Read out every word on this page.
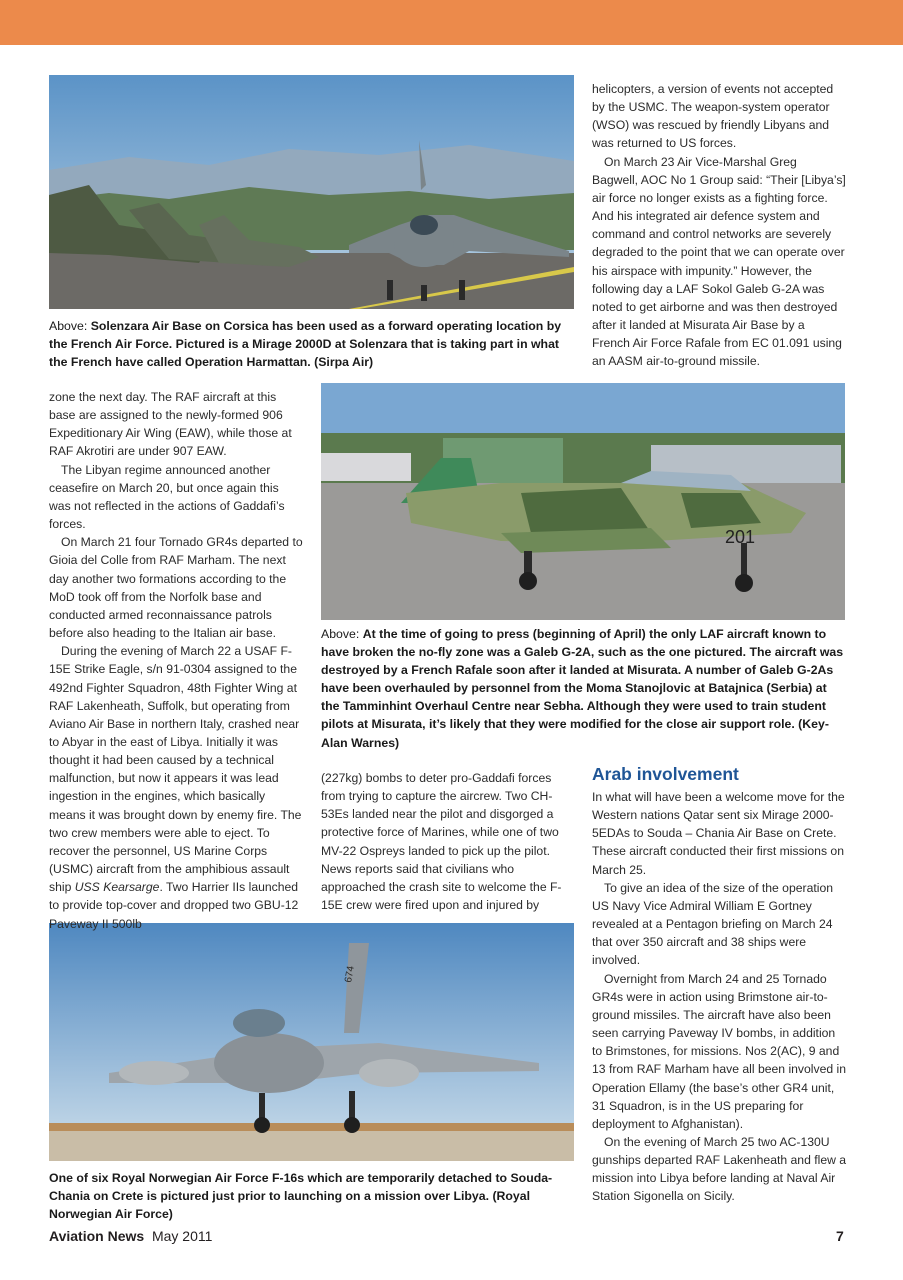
201
674
Above: Solenzara Air Base on Corsica has been used as a forward operating location by the French Air Force. Pictured is a Mirage 2000D at Solenzara that is taking part in what the French have called Operation Harmattan. (Sirpa Air)

helicopters, a version of events not accepted by the USMC. The weapon-system operator (WSO) was rescued by friendly Libyans and was returned to US forces.

On March 23 Air Vice-Marshal Greg Bagwell, AOC No 1 Group said: “Their [Libya’s] air force no longer exists as a fighting force. And his integrated air defence system and command and control networks are severely degraded to the point that we can operate over his airspace with impunity.” However, the following day a LAF Sokol Galeb G-2A was noted to get airborne and was then destroyed after it landed at Misurata Air Base by a French Air Force Rafale from EC 01.091 using an AASM air-to-ground missile.

zone the next day. The RAF aircraft at this base are assigned to the newly-formed 906 Expeditionary Air Wing (EAW), while those at RAF Akrotiri are under 907 EAW.

The Libyan regime announced another ceasefire on March 20, but once again this was not reflected in the actions of Gaddafi’s forces.

On March 21 four Tornado GR4s departed to Gioia del Colle from RAF Marham. The next day another two formations according to the MoD took off from the Norfolk base and conducted armed reconnaissance patrols before also heading to the Italian air base.

During the evening of March 22 a USAF F-15E Strike Eagle, s/n 91-0304 assigned to the 492nd Fighter Squadron, 48th Fighter Wing at RAF Lakenheath, Suffolk, but operating from Aviano Air Base in northern Italy, crashed near to Abyar in the east of Libya. Initially it was thought it had been caused by a technical malfunction, but now it appears it was lead ingestion in the engines, which basically means it was brought down by enemy fire. The two crew members were able to eject. To recover the personnel, US Marine Corps (USMC) aircraft from the amphibious assault ship USS Kearsarge. Two Harrier IIs launched to provide top-cover and dropped two GBU-12 Paveway II 500lb

Above: At the time of going to press (beginning of April) the only LAF aircraft known to have broken the no-fly zone was a Galeb G-2A, such as the one pictured. The aircraft was destroyed by a French Rafale soon after it landed at Misurata. A number of Galeb G-2As have been overhauled by personnel from the Moma Stanojlovic at Batajnica (Serbia) at the Tamminhint Overhaul Centre near Sebha. Although they were used to train student pilots at Misurata, it’s likely that they were modified for the close air support role. (Key-Alan Warnes)

(227kg) bombs to deter pro-Gaddafi forces from trying to capture the aircrew. Two CH-53Es landed near the pilot and disgorged a protective force of Marines, while one of two MV-22 Ospreys landed to pick up the pilot. News reports said that civilians who approached the crash site to welcome the F-15E crew were fired upon and injured by

Arab involvement

In what will have been a welcome move for the Western nations Qatar sent six Mirage 2000-5EDAs to Souda – Chania Air Base on Crete. These aircraft conducted their first missions on March 25.

To give an idea of the size of the operation US Navy Vice Admiral William E Gortney revealed at a Pentagon briefing on March 24 that over 350 aircraft and 38 ships were involved.

Overnight from March 24 and 25 Tornado GR4s were in action using Brimstone air-to-ground missiles. The aircraft have also been seen carrying Paveway IV bombs, in addition to Brimstones, for missions. Nos 2(AC), 9 and 13 from RAF Marham have all been involved in Operation Ellamy (the base’s other GR4 unit, 31 Squadron, is in the US preparing for deployment to Afghanistan).

On the evening of March 25 two AC-130U gunships departed RAF Lakenheath and flew a mission into Libya before landing at Naval Air Station Sigonella on Sicily.

One of six Royal Norwegian Air Force F-16s which are temporarily detached to Souda-Chania on Crete is pictured just prior to launching on a mission over Libya. (Royal Norwegian Air Force)
Aviation News May 2011	7
